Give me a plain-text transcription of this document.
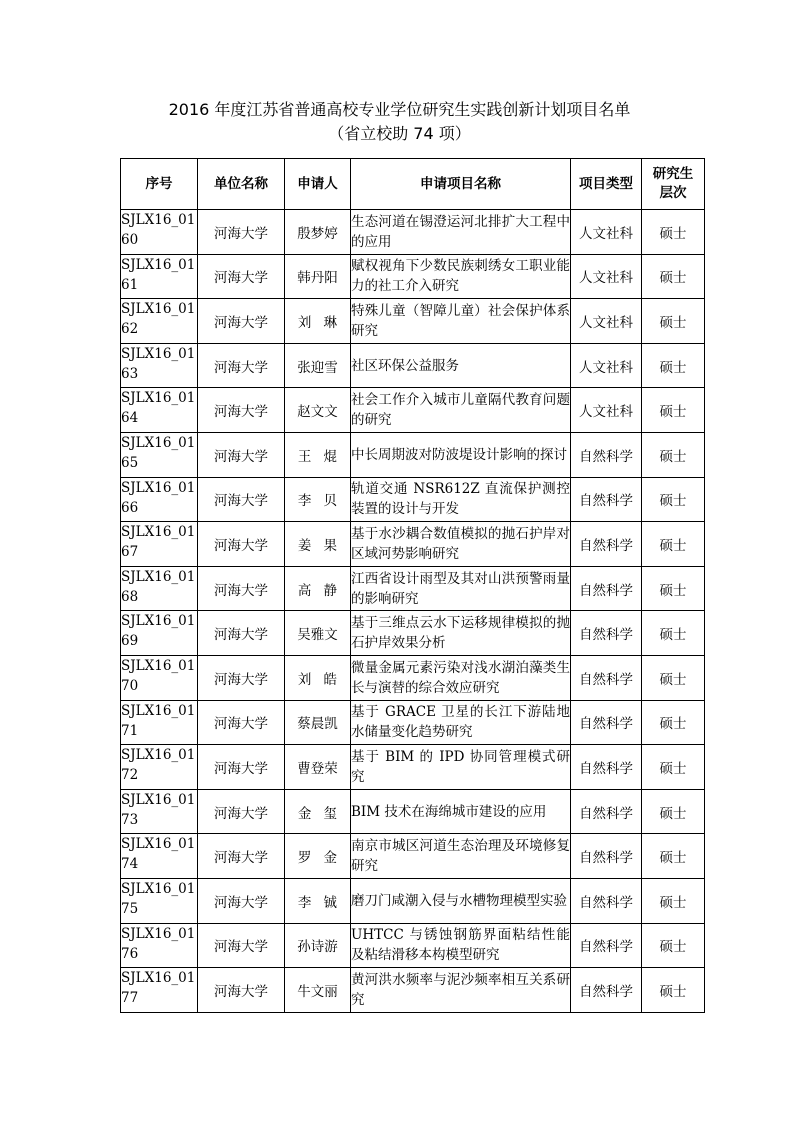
2016 年度江苏省普通高校专业学位研究生实践创新计划项目名单
（省立校助 74 项）
序号	单位名称	申请人	申请项目名称	项目类型	研究生
层次
SJLX16_0160	河海大学	殷梦婷	生态河道在锡澄运河北排扩大工程中的应用	人文社科	硕士
SJLX16_0161	河海大学	韩丹阳	赋权视角下少数民族刺绣女工职业能力的社工介入研究	人文社科	硕士
SJLX16_0162	河海大学	刘琳	特殊儿童（智障儿童）社会保护体系研究	人文社科	硕士
SJLX16_0163	河海大学	张迎雪	社区环保公益服务	人文社科	硕士
SJLX16_0164	河海大学	赵文文	社会工作介入城市儿童隔代教育问题的研究	人文社科	硕士
SJLX16_0165	河海大学	王焜	中长周期波对防波堤设计影响的探讨	自然科学	硕士
SJLX16_0166	河海大学	李贝	轨道交通 NSR612Z 直流保护测控装置的设计与开发	自然科学	硕士
SJLX16_0167	河海大学	姜果	基于水沙耦合数值模拟的抛石护岸对区域河势影响研究	自然科学	硕士
SJLX16_0168	河海大学	高静	江西省设计雨型及其对山洪预警雨量的影响研究	自然科学	硕士
SJLX16_0169	河海大学	吴雅文	基于三维点云水下运移规律模拟的抛石护岸效果分析	自然科学	硕士
SJLX16_0170	河海大学	刘皓	微量金属元素污染对浅水湖泊藻类生长与演替的综合效应研究	自然科学	硕士
SJLX16_0171	河海大学	蔡晨凯	基于 GRACE 卫星的长江下游陆地水储量变化趋势研究	自然科学	硕士
SJLX16_0172	河海大学	曹登荣	基于 BIM 的 IPD 协同管理模式研究	自然科学	硕士
SJLX16_0173	河海大学	金玺	BIM 技术在海绵城市建设的应用	自然科学	硕士
SJLX16_0174	河海大学	罗金	南京市城区河道生态治理及环境修复研究	自然科学	硕士
SJLX16_0175	河海大学	李铖	磨刀门咸潮入侵与水槽物理模型实验	自然科学	硕士
SJLX16_0176	河海大学	孙诗游	UHTCC 与锈蚀钢筋界面粘结性能及粘结滑移本构模型研究	自然科学	硕士
SJLX16_0177	河海大学	牛文丽	黄河洪水频率与泥沙频率相互关系研究	自然科学	硕士
